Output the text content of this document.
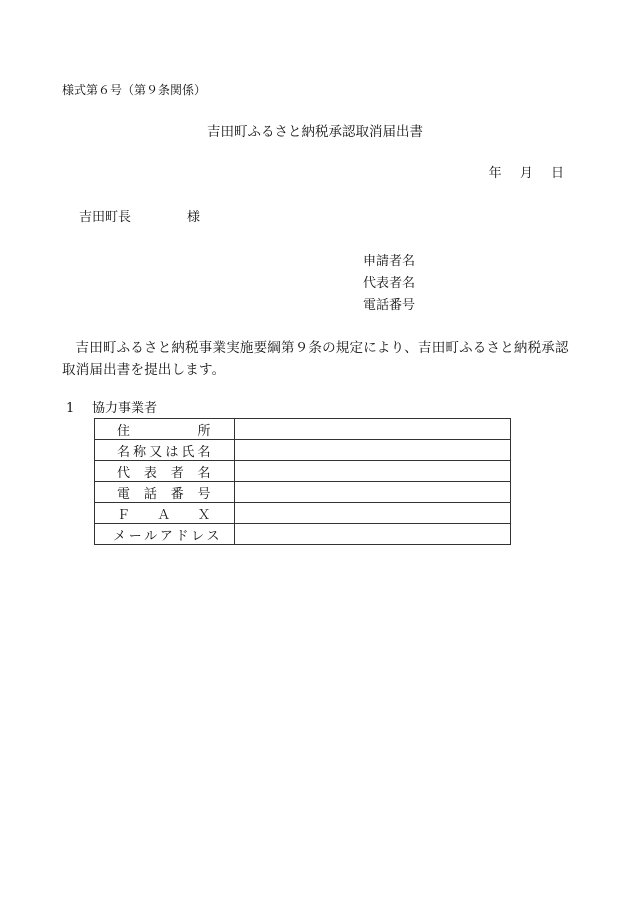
様式第６号（第９条関係）
吉田町ふるさと納税承認取消届出書
年 月 日
吉田町長	様
申請者名
代表者名
電話番号
吉田町ふるさと納税事業実施要綱第９条の規定により、吉田町ふるさと納税承認取消届出書を提出します。
1 協力事業者
住所	
名称又は氏名	
代表者名	
電話番号	
ＦＡＸ	
メールアドレス	
